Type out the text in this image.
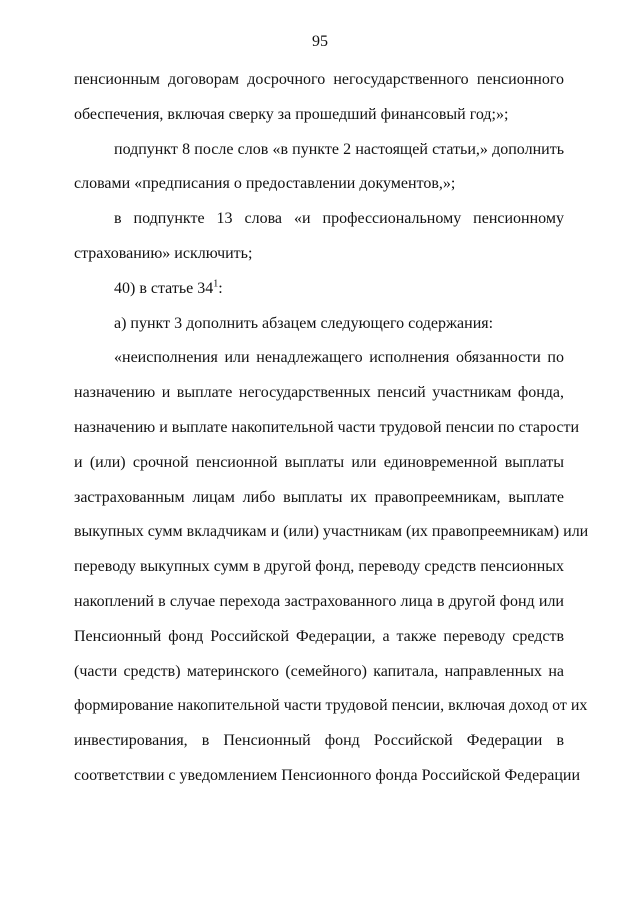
95
пенсионным договорам досрочного негосударственного пенсионного
обеспечения, включая сверку за прошедший финансовый год;»;
подпункт 8 после слов «в пункте 2 настоящей статьи,» дополнить
словами «предписания о предоставлении документов,»;
в подпункте 13 слова «и профессиональному пенсионному
страхованию» исключить;
40) в статье $34^1$:
а) пункт 3 дополнить абзацем следующего содержания:
«неисполнения или ненадлежащего исполнения обязанности по
назначению и выплате негосударственных пенсий участникам фонда,
назначению и выплате накопительной части трудовой пенсии по старости
и (или) срочной пенсионной выплаты или единовременной выплаты
застрахованным лицам либо выплаты их правопреемникам, выплате
выкупных сумм вкладчикам и (или) участникам (их правопреемникам) или
переводу выкупных сумм в другой фонд, переводу средств пенсионных
накоплений в случае перехода застрахованного лица в другой фонд или
Пенсионный фонд Российской Федерации, а также переводу средств
(части средств) материнского (семейного) капитала, направленных на
формирование накопительной части трудовой пенсии, включая доход от их
инвестирования, в Пенсионный фонд Российской Федерации в
соответствии с уведомлением Пенсионного фонда Российской Федерации
